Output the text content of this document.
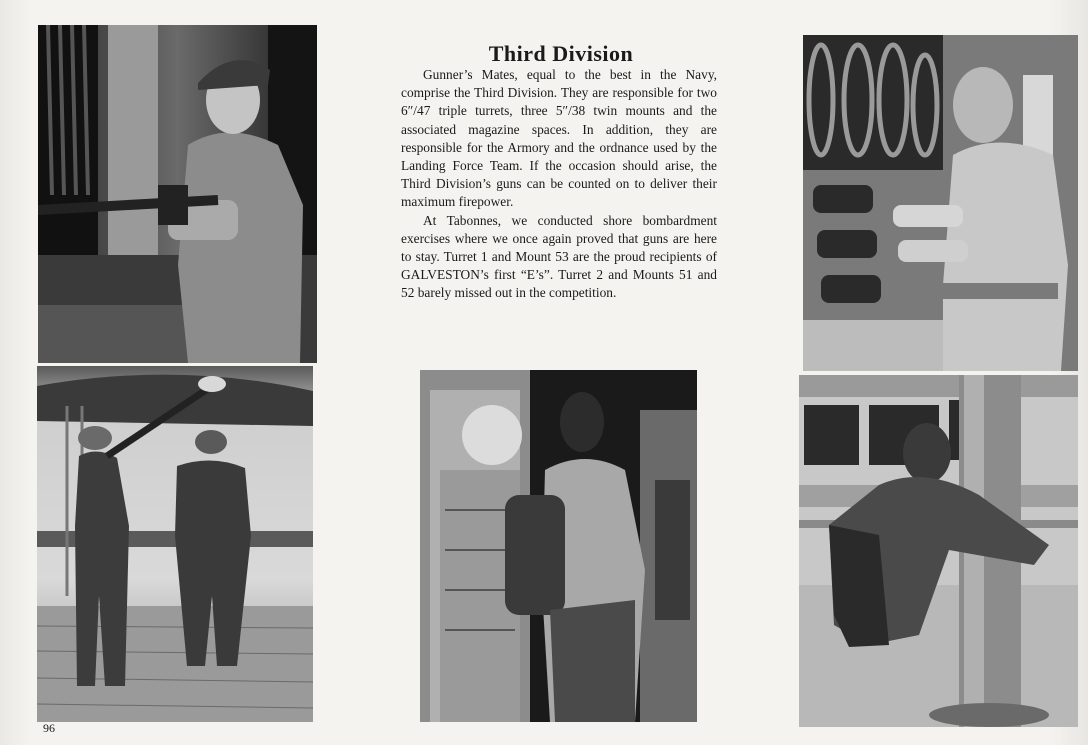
Third Division

Gunner’s Mates, equal to the best in the Navy, comprise the Third Division. They are responsible for two 6″/47 triple turrets, three 5″/38 twin mounts and the associated magazine spaces. In addition, they are responsible for the Armory and the ordnance used by the Landing Force Team. If the occasion should arise, the Third Division’s guns can be counted on to deliver their maximum firepower.

At Tabonnes, we conducted shore bombardment exercises where we once again proved that guns are here to stay. Turret 1 and Mount 53 are the proud recipients of GALVESTON’s first “E’s”. Turret 2 and Mounts 51 and 52 barely missed out in the competition.

96
